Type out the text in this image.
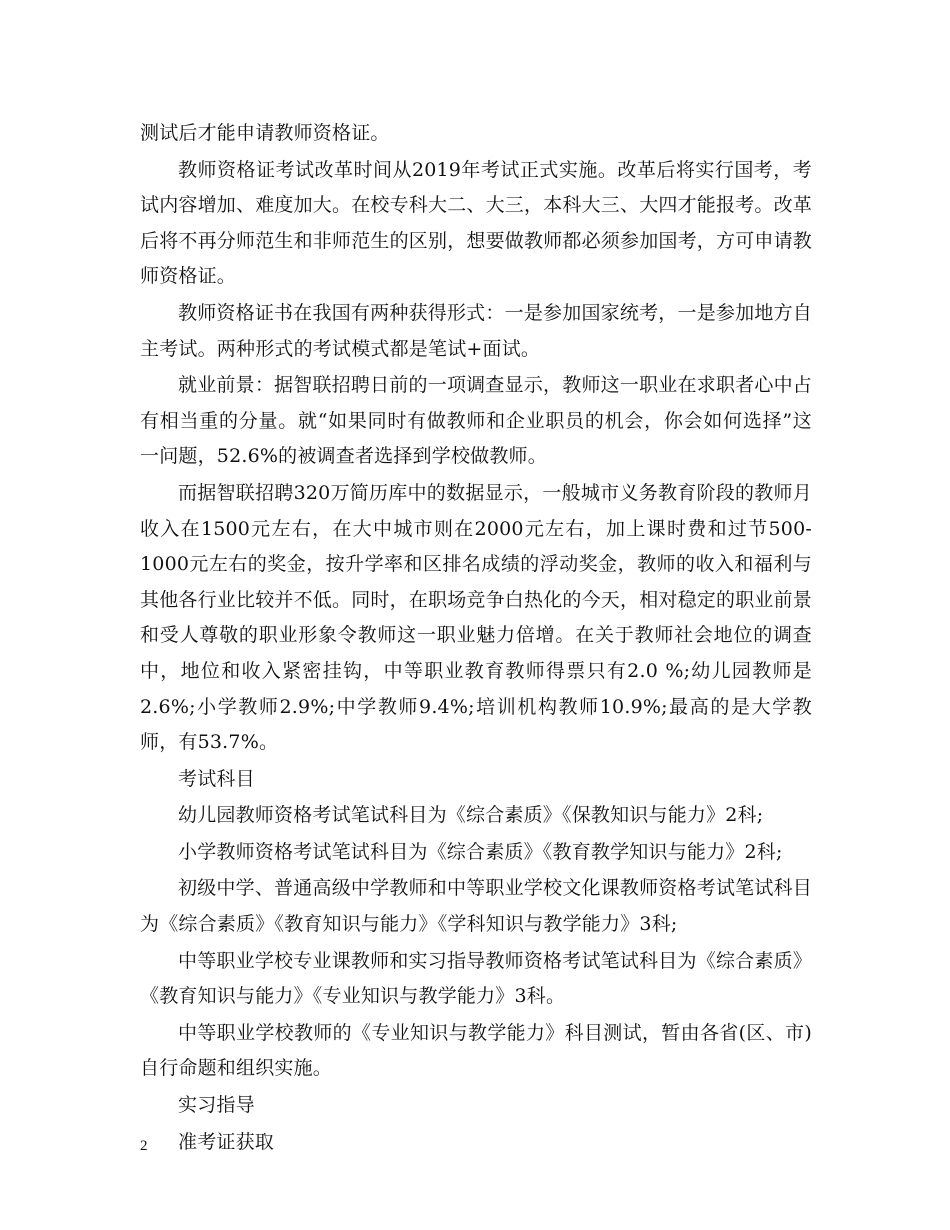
测试后才能申请教师资格证。

教师资格证考试改革时间从2019年考试正式实施。改革后将实行国考，考试内容增加、难度加大。在校专科大二、大三，本科大三、大四才能报考。改革后将不再分师范生和非师范生的区别，想要做教师都必须参加国考，方可申请教师资格证。

教师资格证书在我国有两种获得形式：一是参加国家统考，一是参加地方自主考试。两种形式的考试模式都是笔试+面试。

就业前景：据智联招聘日前的一项调查显示，教师这一职业在求职者心中占有相当重的分量。就“如果同时有做教师和企业职员的机会，你会如何选择”这一问题，52.6%的被调查者选择到学校做教师。

而据智联招聘320万简历库中的数据显示，一般城市义务教育阶段的教师月收入在1500元左右，在大中城市则在2000元左右，加上课时费和过节500-1000元左右的奖金，按升学率和区排名成绩的浮动奖金，教师的收入和福利与其他各行业比较并不低。同时，在职场竞争白热化的今天，相对稳定的职业前景和受人尊敬的职业形象令教师这一职业魅力倍增。在关于教师社会地位的调查中，地位和收入紧密挂钩，中等职业教育教师得票只有2.0 %;幼儿园教师是2.6%;小学教师2.9%;中学教师9.4%;培训机构教师10.9%;最高的是大学教师，有53.7%。

考试科目

幼儿园教师资格考试笔试科目为《综合素质》《保教知识与能力》2科;

小学教师资格考试笔试科目为《综合素质》《教育教学知识与能力》2科;

初级中学、普通高级中学教师和中等职业学校文化课教师资格考试笔试科目为《综合素质》《教育知识与能力》《学科知识与教学能力》3科;

中等职业学校专业课教师和实习指导教师资格考试笔试科目为《综合素质》《教育知识与能力》《专业知识与教学能力》3科。

中等职业学校教师的《专业知识与教学能力》科目测试，暂由各省(区、市)自行命题和组织实施。

实习指导

准考证获取

2
